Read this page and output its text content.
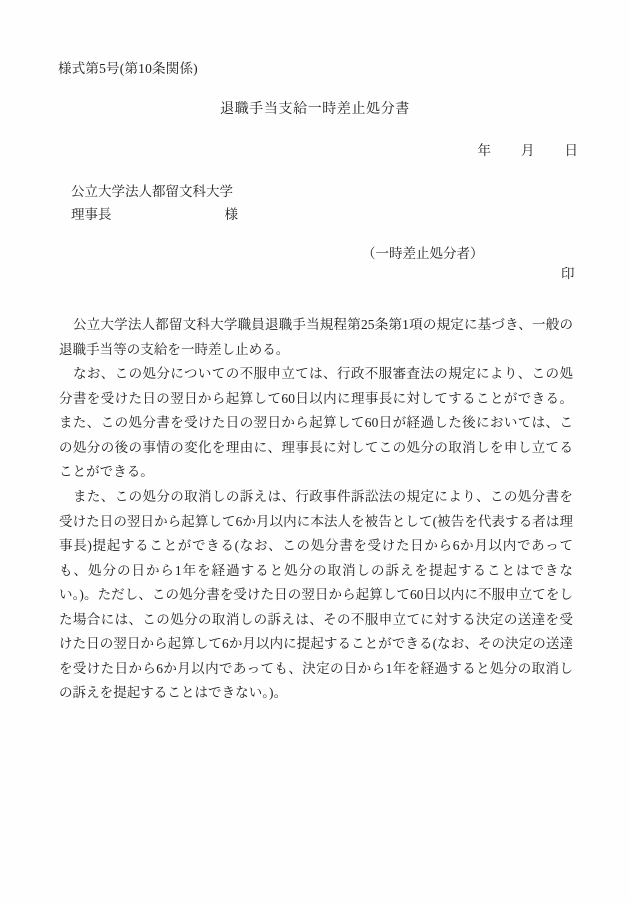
様式第5号(第10条関係)
退職手当支給一時差止処分書
年 月 日
公立大学法人都留文科大学
理事長	様
（一時差止処分者）
印

公立大学法人都留文科大学職員退職手当規程第25条第1項の規定に基づき、一般の退職手当等の支給を一時差し止める。

なお、この処分についての不服申立ては、行政不服審査法の規定により、この処分書を受けた日の翌日から起算して60日以内に理事長に対してすることができる。また、この処分書を受けた日の翌日から起算して60日が経過した後においては、この処分の後の事情の変化を理由に、理事長に対してこの処分の取消しを申し立てることができる。

また、この処分の取消しの訴えは、行政事件訴訟法の規定により、この処分書を受けた日の翌日から起算して6か月以内に本法人を被告として(被告を代表する者は理事長)提起することができる(なお、この処分書を受けた日から6か月以内であっても、処分の日から1年を経過すると処分の取消しの訴えを提起することはできない。)。ただし、この処分書を受けた日の翌日から起算して60日以内に不服申立てをした場合には、この処分の取消しの訴えは、その不服申立てに対する決定の送達を受けた日の翌日から起算して6か月以内に提起することができる(なお、その決定の送達を受けた日から6か月以内であっても、決定の日から1年を経過すると処分の取消しの訴えを提起することはできない。)。
